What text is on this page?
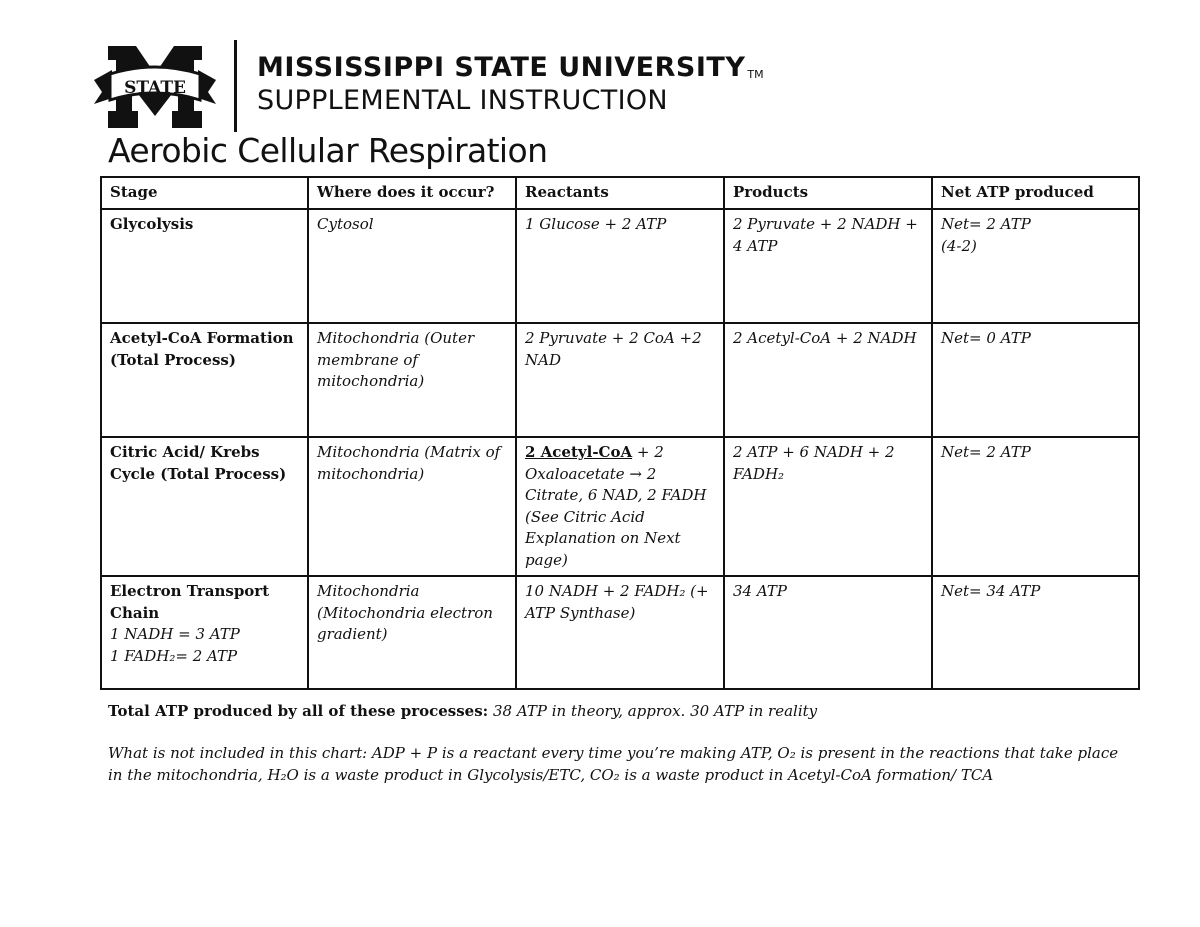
STATE
MISSISSIPPI STATE UNIVERSITY TM
SUPPLEMENTAL INSTRUCTION
Aerobic Cellular Respiration
Stage	Where does it occur?	Reactants	Products	Net ATP produced
Glycolysis	Cytosol	1 Glucose + 2 ATP	2 Pyruvate + 2 NADH + 4 ATP	Net= 2 ATP
(4-2)

Acetyl-CoA Formation (Total Process)	Mitochondria (Outer membrane of mitochondria)	2 Pyruvate + 2 CoA +2 NAD	2 Acetyl-CoA + 2 NADH	Net= 0 ATP
Citric Acid/ Krebs Cycle (Total Process)	Mitochondria (Matrix of mitochondria)	2 Acetyl-CoA + 2 Oxaloacetate → 2 Citrate, 6 NAD, 2 FADH (See Citric Acid Explanation on Next page)	2 ATP + 6 NADH + 2 FADH₂	Net= 2 ATP
Electron Transport Chain
1 NADH = 3 ATP
1 FADH₂= 2 ATP	Mitochondria (Mitochondria electron gradient)	10 NADH + 2 FADH₂ (+ ATP Synthase)	34 ATP	Net= 34 ATP

Total ATP produced by all of these processes: 38 ATP in theory, approx. 30 ATP in reality

What is not included in this chart: ADP + P is a reactant every time you’re making ATP, O₂ is present in the reactions that take place
in the mitochondria, H₂O is a waste product in Glycolysis/ETC, CO₂ is a waste product in Acetyl-CoA formation/ TCA
